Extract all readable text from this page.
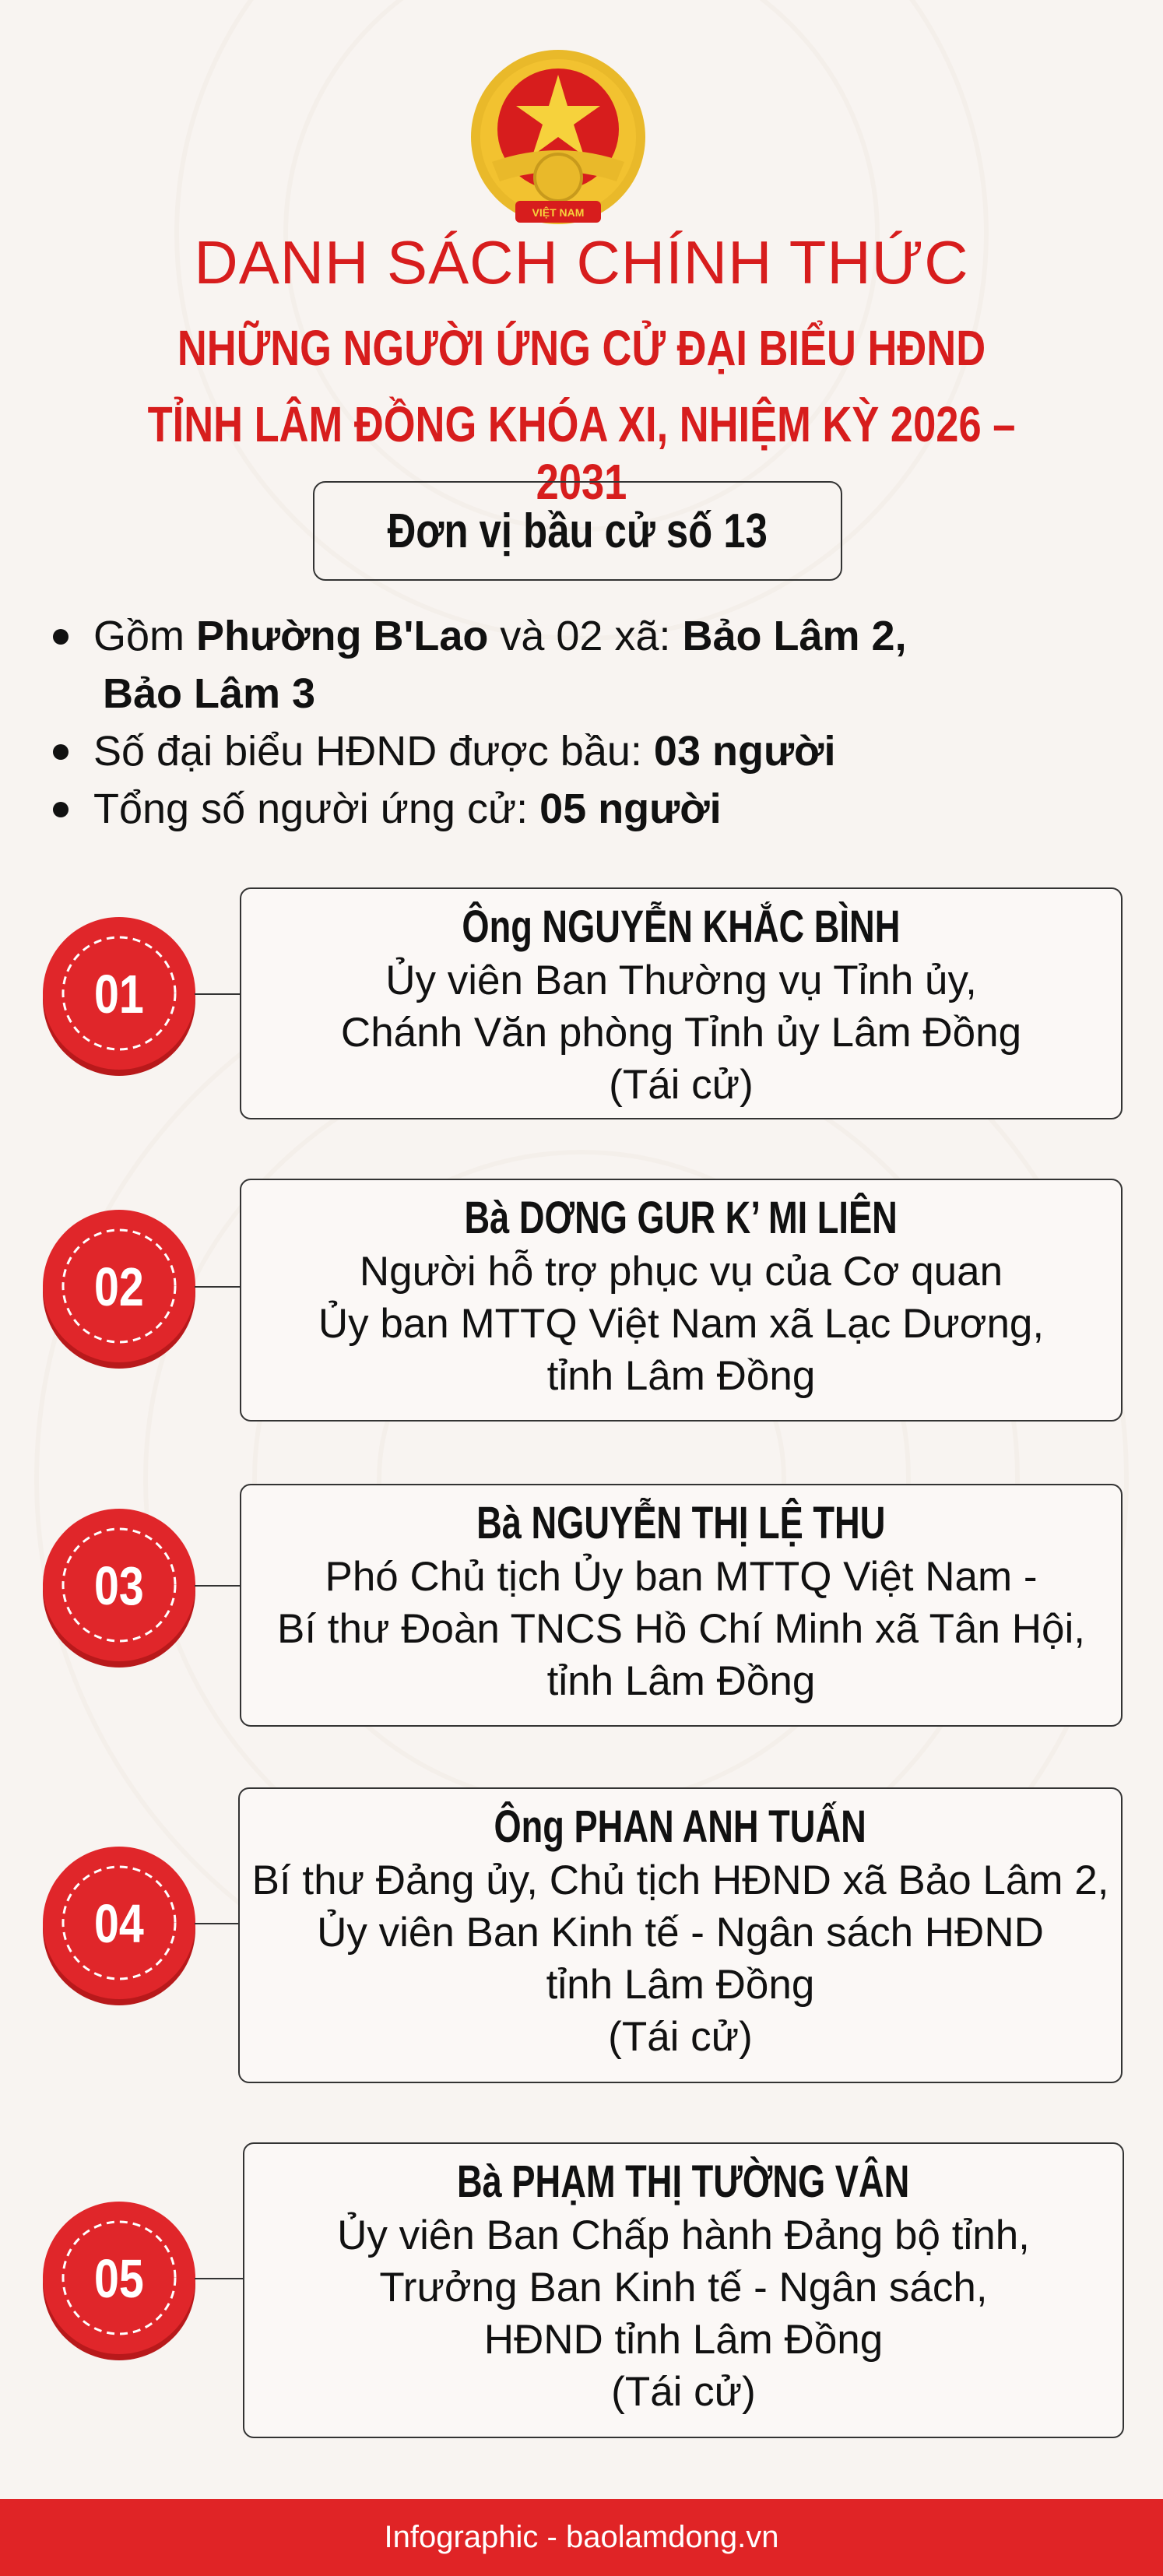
VIỆT NAM
DANH SÁCH CHÍNH THỨC
NHỮNG NGƯỜI ỨNG CỬ ĐẠI BIỂU HĐND
TỈNH LÂM ĐỒNG KHÓA XI, NHIỆM KỲ 2026 – 2031
Đơn vị bầu cử số 13
Gồm Phường B'Lao và 02 xã: Bảo Lâm 2,
Bảo Lâm 3
Số đại biểu HĐND được bầu: 03 người
Tổng số người ứng cử: 05 người
01
Ông NGUYỄN KHẮC BÌNH
Ủy viên Ban Thường vụ Tỉnh ủy,
Chánh Văn phòng Tỉnh ủy Lâm Đồng
(Tái cử)
02
Bà DƠNG GUR K’ MI LIÊN
Người hỗ trợ phục vụ của Cơ quan
Ủy ban MTTQ Việt Nam xã Lạc Dương,
tỉnh Lâm Đồng
03
Bà NGUYỄN THỊ LỆ THU
Phó Chủ tịch Ủy ban MTTQ Việt Nam -
Bí thư Đoàn TNCS Hồ Chí Minh xã Tân Hội,
tỉnh Lâm Đồng
04
Ông PHAN ANH TUẤN
Bí thư Đảng ủy, Chủ tịch HĐND xã Bảo Lâm 2,
Ủy viên Ban Kinh tế - Ngân sách HĐND
tỉnh Lâm Đồng
(Tái cử)
05
Bà PHẠM THỊ TƯỜNG VÂN
Ủy viên Ban Chấp hành Đảng bộ tỉnh,
Trưởng Ban Kinh tế - Ngân sách,
HĐND tỉnh Lâm Đồng
(Tái cử)
Infographic - baolamdong.vn
